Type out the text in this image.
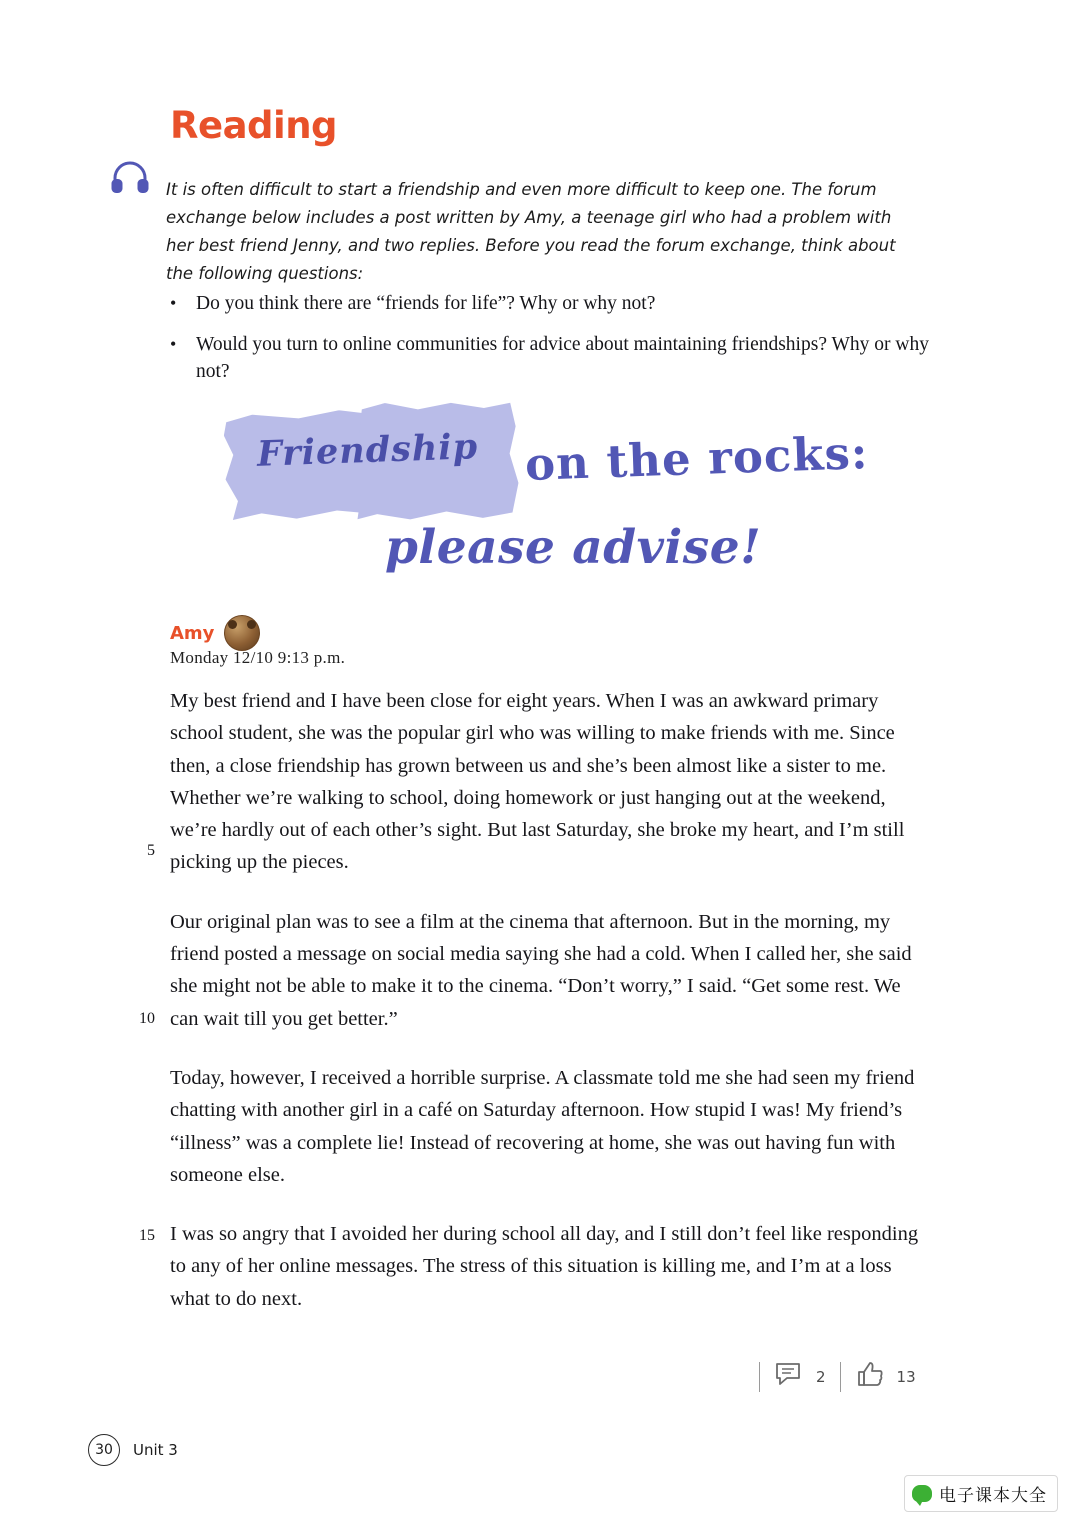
Reading
It is often difficult to start a friendship and even more difficult to keep one. The forum exchange below includes a post written by Amy, a teenage girl who had a problem with her best friend Jenny, and two replies. Before you read the forum exchange, think about the following questions:
•	Do you think there are “friends for life”? Why or why not?
•	Would you turn to online communities for advice about maintaining friendships? Why or why not?
Friendship on the rocks:
please advise!
Amy
Monday 12/10 9:13 p.m.

5
My best friend and I have been close for eight years. When I was an awkward primary school student, she was the popular girl who was willing to make friends with me. Since then, a close friendship has grown between us and she’s been almost like a sister to me. Whether we’re walking to school, doing homework or just hanging out at the weekend, we’re hardly out of each other’s sight. But last Saturday, she broke my heart, and I’m still picking up the pieces.

10
Our original plan was to see a film at the cinema that afternoon. But in the morning, my friend posted a message on social media saying she had a cold. When I called her, she said she might not be able to make it to the cinema. “Don’t worry,” I said. “Get some rest. We can wait till you get better.”

Today, however, I received a horrible surprise. A classmate told me she had seen my friend chatting with another girl in a café on Saturday afternoon. How stupid I was! My friend’s “illness” was a complete lie! Instead of recovering at home, she was out having fun with someone else.

15 I was so angry that I avoided her during school all day, and I still don’t feel like responding to any of her online messages. The stress of this situation is killing me, and I’m at a loss what to do next.

2	13
30	Unit 3
电子课本大全
